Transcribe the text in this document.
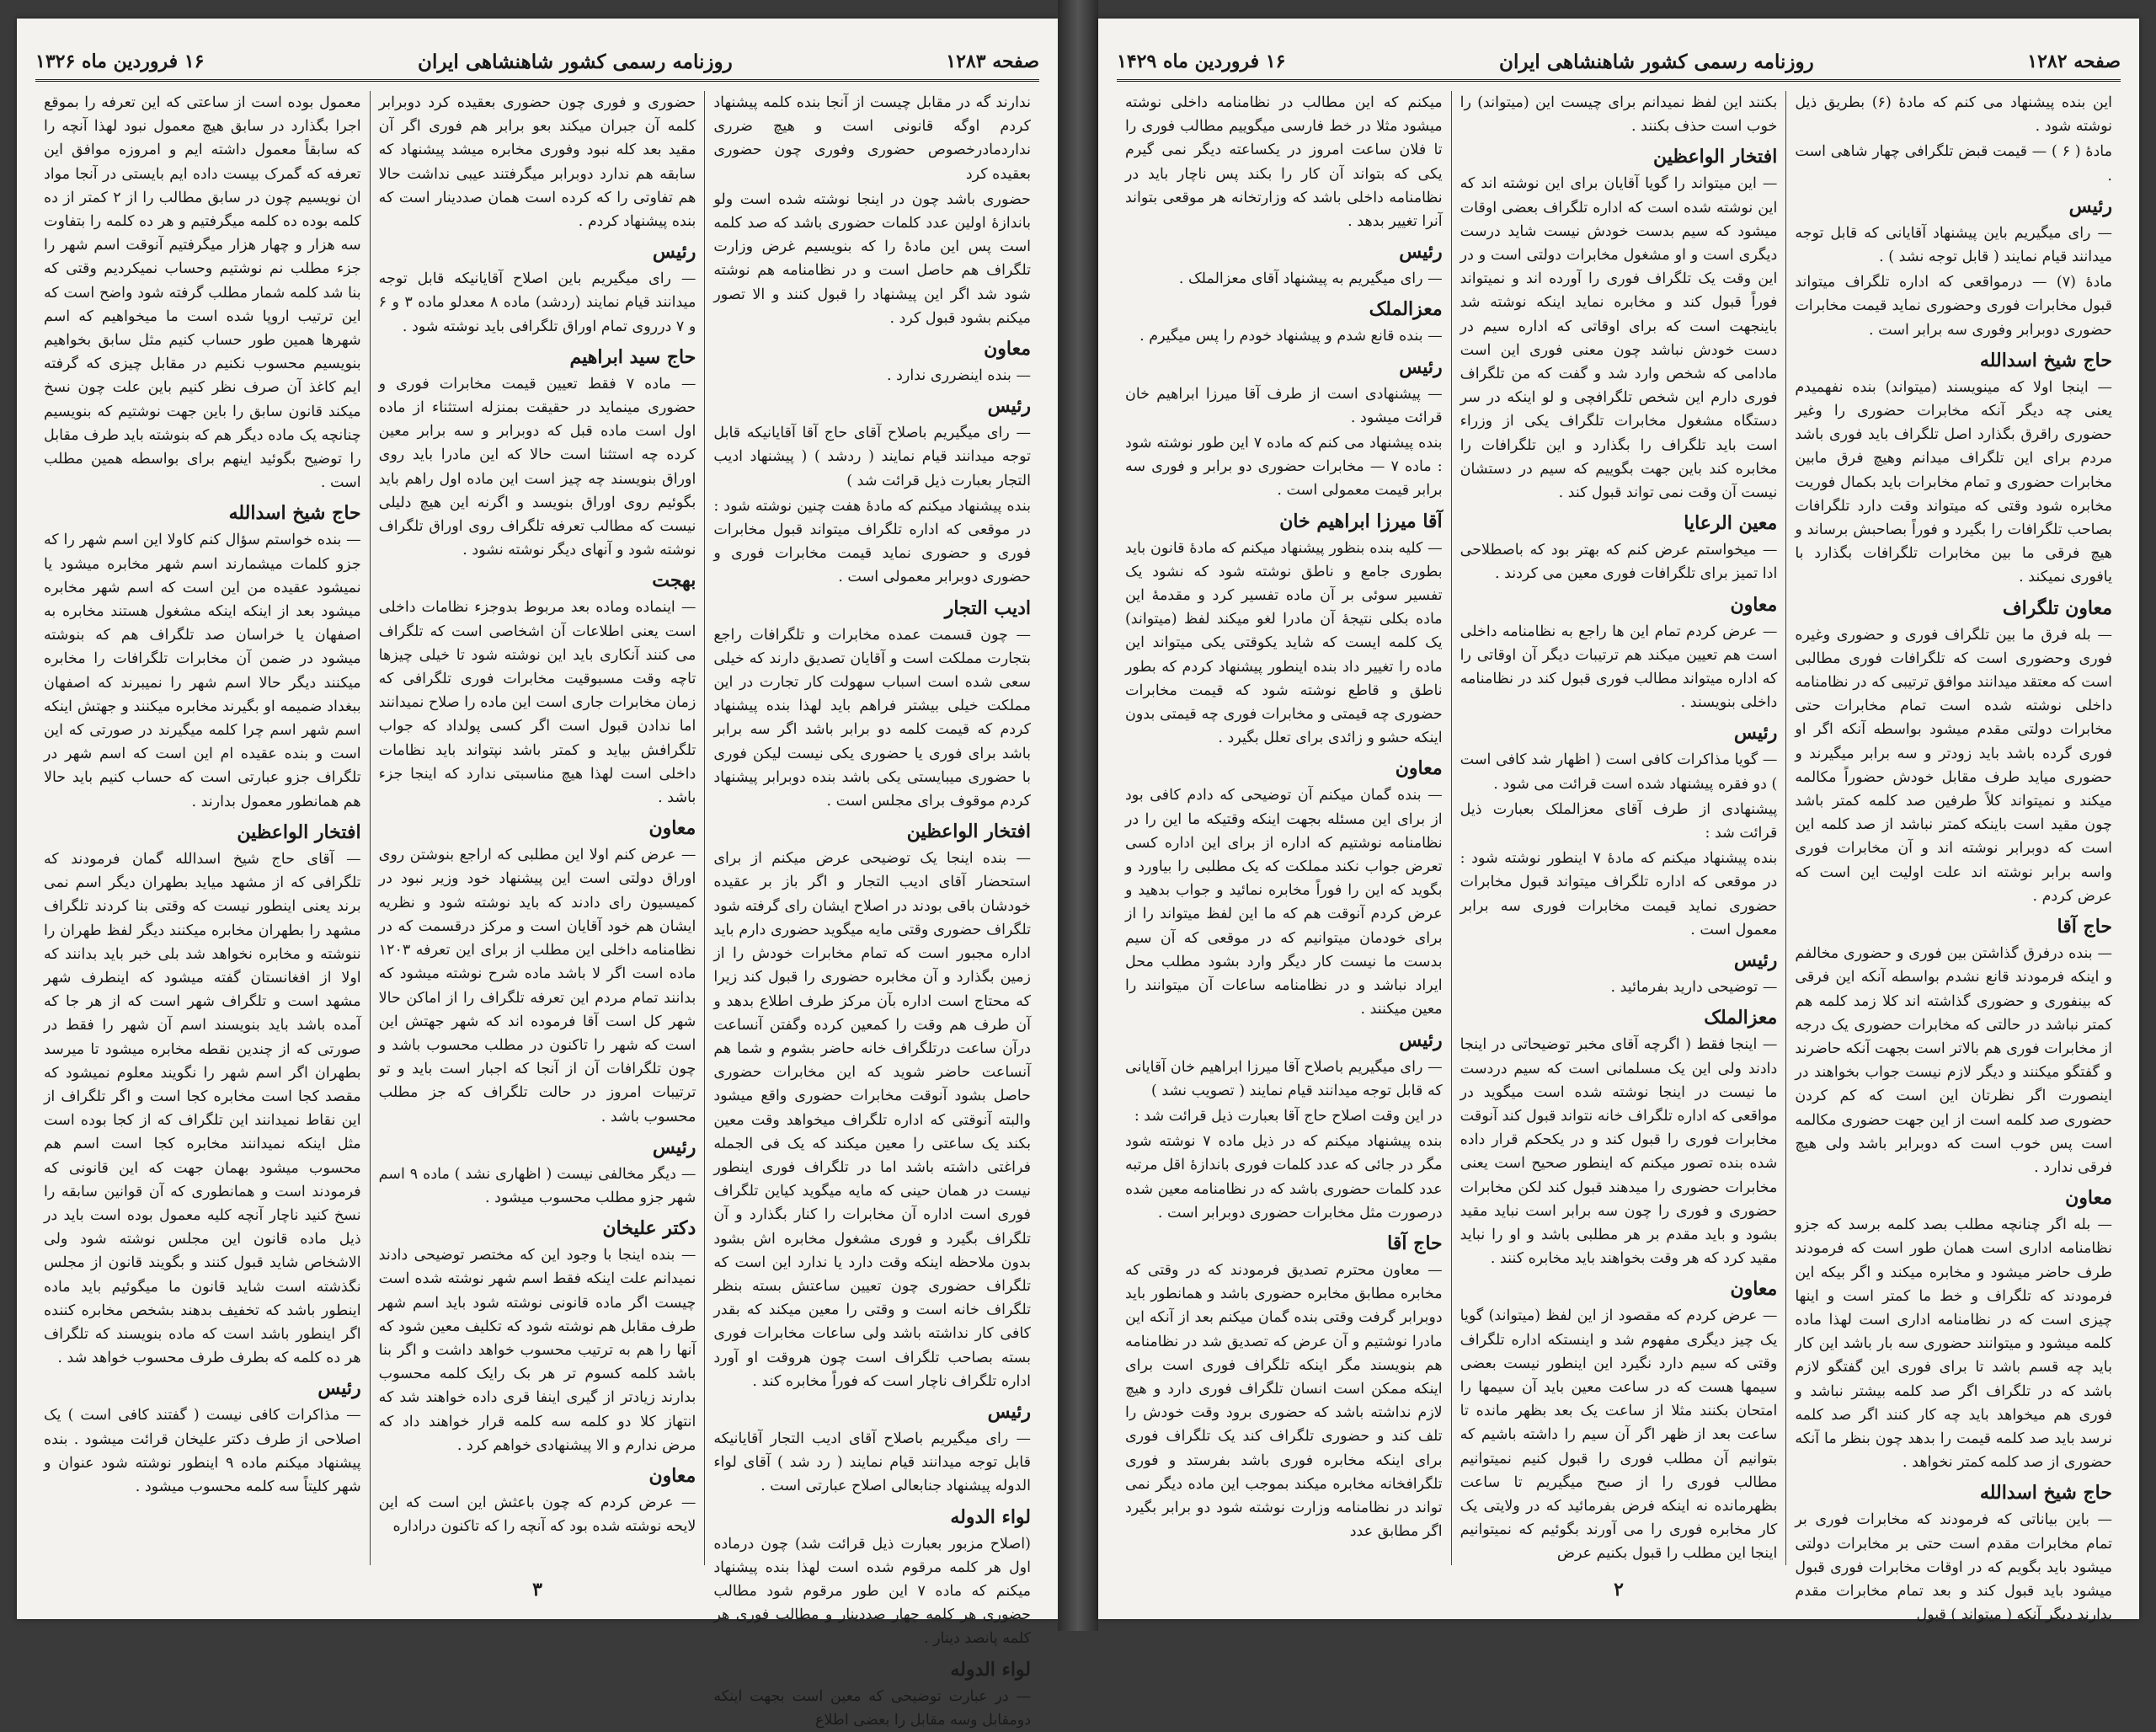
صفحه ۱۲۸۳
روزنامه رسمی کشور شاهنشاهی ایران
۱۶ فروردین ماه ۱۳۲۶

ندارند گه در مقابل چیست از آنجا بنده کلمه پیشنهاد کردم اوگه قانونی است و هیچ ضرری نداردمادرخصوص حضوری وفوری چون حضوری بعقیده کرد

حضوری باشد چون در اینجا نوشته شده است ولو باندازهٔ اولین عدد کلمات حضوری باشد که صد کلمه است پس این مادهٔ را که بنویسیم غرض وزارت تلگراف هم حاصل است و در نظامنامه هم نوشته شود شد اگر این پیشنهاد را قبول کنند و الا تصور میکنم بشود قبول کرد .

معاون

— بنده اینضرری ندارد .

رئیس

— رای میگیریم باصلاح آقای حاج آقا آقایانیکه قابل توجه میدانند قیام نمایند ( ردشد ) ( پیشنهاد ادیب التجار بعبارت ذیل قرائت شد )

بنده پیشنهاد میکنم که مادهٔ هفت چنین نوشته شود : در موقعی که اداره تلگراف میتواند قبول مخابرات فوری و حضوری نماید قیمت مخابرات فوری و حضوری دوبرابر معمولی است .

ادیب التجار

— چون قسمت عمده مخابرات و تلگرافات راجع بتجارت مملکت است و آقایان تصدیق دارند که خیلی سعی شده است اسباب سهولت کار تجارت در این مملکت خیلی بیشتر فراهم باید لهذا بنده پیشنهاد کردم که قیمت کلمه دو برابر باشد اگر سه برابر باشد برای فوری یا حضوری یکی نیست لیکن فوری با حضوری میبایستی یکی باشد بنده دوبرابر پیشنهاد کردم موقوف برای مجلس است .

افتخار الواعظین

— بنده اینجا یک توضیحی عرض میکنم از برای استحضار آقای ادیب التجار و اگر باز بر عقیده خودشان باقی بودند در اصلاح ایشان رای گرفته شود تلگراف حضوری وقتی مایه میگوید حضوری دارم باید اداره مجبور است که تمام مخابرات خودش را از زمین بگذارد و آن مخابره حضوری را قبول کند زیرا که محتاج است اداره بآن مرکز طرف اطلاع بدهد و آن طرف هم وقت را کمعین کرده وگفتن آنساعت درآن ساعت درتلگراف خانه حاضر بشوم و شما هم آنساعت حاضر شوید که این مخابرات حضوری حاصل بشود آنوقت مخابرات حضوری واقع میشود والبته آنوقتی که اداره تلگراف میخواهد وقت معین بکند یک ساعتی را معین میکند که یک فی الجمله فراغتی داشته باشد اما در تلگراف فوری اینطور نیست در همان حینی که مایه میگوید کیاین تلگراف فوری است اداره آن مخابرات را کنار بگذارد و آن تلگراف بگیرد و فوری مشغول مخابره اش بشود بدون ملاحظه اینکه وقت دارد یا ندارد این است که تلگراف حضوری چون تعیین ساعتش بسته بنظر تلگراف خانه است و وقتی را معین میکند که بقدر کافی کار نداشته باشد ولی ساعات مخابرات فوری بسته بصاحب تلگراف است چون هروقت او آورد اداره تلگراف ناچار است که فوراً مخابره کند .

رئیس

— رای میگیریم باصلاح آقای ادیب التجار آقایانیکه قابل توجه میدانند قیام نمایند ( رد شد ) آقای لواء الدوله پیشنهاد جنابعالی اصلاح عبارتی است .

لواء الدوله

(اصلاح مزبور بعبارت ذیل قرائت شد) چون درماده اول هر کلمه مرقوم شده است لهذا بنده پیشنهاد میکنم که ماده ۷ این طور مرقوم شود مطالب حضوری هر کلمه چهار صددینار و مطالب فوری هر کلمه پانصد دینار .

لواء الدوله

— در عبارت توضیحی که معین است بجهت اینکه دومقابل وسه مقابل را بعضی اطلاع

حضوری و فوری چون حضوری بعقیده کرد دوبرابر کلمه آن جبران میکند بعو برابر هم فوری اگر آن مقید بعد کله نبود وفوری مخابره میشد پیشنهاد که سابقه هم ندارد دوبرابر میگرفتند عیبی نداشت حالا هم تفاوتی را که کرده است همان صددینار است که بنده پیشنهاد کردم .

رئیس

— رای میگیریم باین اصلاح آقایانیکه قابل توجه میدانند قیام نمایند (ردشد) ماده ۸ معدلو ماده ۳ و ۶ و ۷ درروی تمام اوراق تلگرافی باید نوشته شود .

حاج سید ابراهیم

— ماده ۷ فقط تعیین قیمت مخابرات فوری و حضوری مینماید در حقیقت بمنزله استثناء از ماده اول است ماده قبل که دوبرابر و سه برابر معین کرده چه استثنا است حالا که این مادرا باید روی اوراق بنویسند چه چیز است این ماده اول راهم باید بگوئیم روی اوراق بنویسد و اگرنه این هیچ دلیلی نیست که مطالب تعرفه تلگراف روی اوراق تلگراف نوشته شود و آنهای دیگر نوشته نشود .

بهجت

— اینماده وماده بعد مربوط بدوجزء نظامات داخلی است یعنی اطلاعات آن اشخاصی است که تلگراف می کنند آنکاری باید این نوشته شود تا خیلی چیزها تاچه وقت مسبوقیت مخابرات فوری تلگرافی که زمان مخابرات جاری است این ماده را صلاح نمیدانند اما ندادن قبول است اگر کسی پولداد که جواب تلگرافش بیاید و کمتر باشد نپتواند باید نظامات داخلی است لهذا هیچ مناسبتی ندارد که اینجا جزء باشد .

معاون

— عرض کنم اولا این مطلبی که اراجع بنوشتن روی اوراق دولتی است این پیشنهاد خود وزیر نبود در کمیسیون رای دادند که باید نوشته شود و نظریه ایشان هم خود آقایان است و مرکز درقسمت که در نظامنامه داخلی این مطلب از برای این تعرفه ۱۲۰۳ ماده است اگر لا باشد ماده شرح نوشته میشود که بدانند تمام مردم این تعرفه تلگراف را از اماکن حالا شهر کل است آقا فرموده اند که شهر جهتش این است که شهر را تاکنون در مطلب محسوب باشد و چون تلگرافات آن از آنجا که اجبار است باید و تو ترتیبات امروز در حالت تلگراف که جز مطلب محسوب باشد .

رئیس

— دیگر مخالفی نیست ( اظهاری نشد ) ماده ۹ اسم شهر جزو مطلب محسوب میشود .

دکتر علیخان

— بنده اینجا با وجود این که مختصر توضیحی دادند نمیدانم علت اینکه فقط اسم شهر نوشته شده است چیست اگر ماده قانونی نوشته شود باید اسم شهر طرف مقابل هم نوشته شود که تکلیف معین شود که آنها را هم به ترتیب محسوب خواهد داشت و اگر بنا باشد کلمه کسوم تر هر بک رایک کلمه محسوب بدارند زیادتر از گیری اینفا قری داده خواهند شد که انتهاز کلا دو کلمه سه کلمه قرار خواهند داد که مرض ندارم و الا پیشنهادی خواهم کرد .

معاون

— عرض کردم که چون باعثش این است که این لایحه نوشته شده بود که آنچه را که تاکنون دراداره

معمول بوده است از ساعتی که این تعرفه را بموقع اجرا بگذارد در سابق هیچ معمول نبود لهذا آنچه را که سابقاً معمول داشته ایم و امروزه موافق این تعرفه که گمرک بیست داده ایم بایستی در آنجا مواد ان نویسیم چون در سابق مطالب را از ۲ کمتر از ده کلمه بوده ده کلمه میگرفتیم و هر ده کلمه را بتفاوت سه هزار و چهار هزار میگرفتیم آنوقت اسم شهر را جزء مطلب نم نوشتیم وحساب نمیکردیم وقتی که بنا شد کلمه شمار مطلب گرفته شود واضح است که این ترتیب اروپا شده است ما میخواهیم که اسم شهرها همین طور حساب کنیم مثل سابق بخواهیم بنویسیم محسوب نکنیم در مقابل چیزی که گرفته ایم کاغذ آن صرف نظر کنیم باین علت چون نسخ میکند قانون سابق را باین جهت نوشتیم که بنویسیم چنانچه یک ماده دیگر هم که بنوشته باید طرف مقابل را توضیح بگوئید اینهم برای بواسطه همین مطلب است .

حاج شیخ اسدالله

— بنده خواستم سؤال کنم کاولا این اسم شهر را که جزو کلمات میشمارند اسم شهر مخابره میشود یا نمیشود عقیده من این است که اسم شهر مخابره میشود بعد از اینکه اینکه مشغول هستند مخابره به اصفهان یا خراسان صد تلگراف هم که بنوشته میشود در ضمن آن مخابرات تلگرافات را مخابره میکنند دیگر حالا اسم شهر را نمیبرند که اصفهان ببغداد ضمیمه او بگیرند مخابره میکنند و جهتش اینکه اسم شهر اسم چرا کلمه میگیرند در صورتی که این است و بنده عقیده ام این است که اسم شهر در تلگراف جزو عبارتی است که حساب کنیم باید حالا هم همانطور معمول بدارند .

افتخار الواعظین

— آقای حاج شیخ اسدالله گمان فرمودند که تلگرافی که از مشهد میاید بطهران دیگر اسم نمی برند یعنی اینطور نیست که وقتی بنا کردند تلگراف مشهد را بطهران مخابره میکنند دیگر لفظ طهران را ننوشته و مخابره نخواهد شد بلی خبر باید بدانند که اولا از افغانستان گفته میشود که اینطرف شهر مشهد است و تلگراف شهر است که از هر جا که آمده باشد باید بنویسند اسم آن شهر را فقط در صورتی که از چندین نقطه مخابره میشود تا میرسد بطهران اگر اسم شهر را نگویند معلوم نمیشود که مقصد کجا است مخابره کجا است و اگر تلگراف از این نقاط نمیدانند این تلگراف که از کجا بوده است مثل اینکه نمیدانند مخابره کجا است اسم هم محسوب میشود بهمان جهت که این قانونی که فرمودند است و همانطوری که آن قوانین سابقه را نسخ کنید ناچار آنچه کلیه معمول بوده است باید در ذیل ماده قانون این مجلس نوشته شود ولی الاشخاص شاید قبول کنند و بگویند قانون از مجلس نگذشته است شاید قانون ما میگوئیم باید ماده اینطور باشد که تخفیف بدهند بشخص مخابره کننده اگر اینطور باشد است که ماده بنویسند که تلگراف هر ده کلمه که بطرف طرف محسوب خواهد شد .

رئیس

— مذاکرات کافی نیست ( گفتند کافی است ) یک اصلاحی از طرف دکتر علیخان قرائت میشود . بنده پیشنهاد میکنم ماده ۹ اینطور نوشته شود عنوان و شهر کلیتاً سه کلمه محسوب میشود .

۳
صفحه ۱۲۸۲
روزنامه رسمی کشور شاهنشاهی ایران
۱۶ فروردین ماه ۱۴۲۹

این بنده پیشنهاد می کنم که مادهٔ (۶) بطریق ذیل نوشته شود .

مادهٔ ( ۶ ) — قیمت قبض تلگرافی چهار شاهی است .

رئیس

— رای میگیریم باین پیشنهاد آقایانی که قابل توجه میدانند قیام نمایند ( قابل توجه نشد ) .

مادهٔ (۷) — درمواقعی که اداره تلگراف میتواند قبول مخابرات فوری وحضوری نماید قیمت مخابرات حضوری دوبرابر وفوری سه برابر است .

حاج شیخ اسدالله

— اینجا اولا که مینویسند (میتواند) بنده نفهمیدم یعنی چه دیگر آنکه مخابرات حضوری را وغیر حضوری راقرق بگذارد اصل تلگراف باید فوری باشد مردم برای این تلگراف میدانم وهیچ فرق مابین مخابرات حضوری و تمام مخابرات باید بکمال فوریت مخابره شود وقتی که میتواند وقت دارد تلگرافات بصاحب تلگرافات را بگیرد و فوراً بصاحبش برساند و هیچ فرقی ما بین مخابرات تلگرافات بگذارد با یافوری نمیکند .

معاون تلگراف

— بله فرق ما بین تلگراف فوری و حضوری وغیره فوری وحضوری است که تلگرافات فوری مطالبی است که معتقد میدانند موافق ترتیبی که در نظامنامه داخلی نوشته شده است تمام مخابرات حتی مخابرات دولتی مقدم میشود بواسطه آنکه اگر او فوری گرده باشد باید زودتر و سه برابر میگیرند و حضوری میاید طرف مقابل خودش حضوراً مکالمه میکند و نمیتواند کلاً طرفین صد کلمه کمتر باشد چون مقید است باینکه کمتر نباشد از صد کلمه این است که دوبرابر نوشته اند و آن مخابرات فوری واسه برابر نوشته اند علت اولیت این است که عرض کردم .

حاج آقا

— بنده درفرق گذاشتن بین فوری و حضوری مخالفم و اینکه فرمودند قانع نشدم بواسطه آنکه این فرقی که بینفوری و حضوری گذاشته اند کلا زمد کلمه هم کمتر نباشد در حالتی که مخابرات حضوری یک درجه از مخابرات فوری هم بالاتر است بجهت آنکه حاضرند و گفتگو میکنند و دیگر لازم نیست جواب بخواهند در اینصورت اگر نظرتان این است که کم کردن حضوری صد کلمه است از این جهت حضوری مکالمه است پس خوب است که دوبرابر باشد ولی هیچ فرقی ندارد .

معاون

— بله اگر چنانچه مطلب بصد کلمه برسد که جزو نظامنامه اداری است همان طور است که فرمودند طرف حاضر میشود و مخابره میکند و اگر بیکه این فرمودند که تلگراف و خط ما کمتر است و اینها چیزی است که در نظامنامه اداری است لهذا ماده کلمه میشود و میتوانند حضوری سه بار باشد این کار باید چه قسم باشد تا برای فوری این گفتگو لازم باشد که در تلگراف اگر صد کلمه بیشتر نباشد و فوری هم میخواهد باید چه کار کنند اگر صد کلمه نرسد باید صد کلمه قیمت را بدهد چون بنظر ما آنکه حضوری از صد کلمه کمتر نخواهد .

حاج شیخ اسدالله

— باین بیاناتی که فرمودند که مخابرات فوری بر تمام مخابرات مقدم است حتی بر مخابرات دولتی میشود باید بگویم که در اوقات مخابرات فوری قبول میشود باید قبول کند و بعد تمام مخابرات مقدم بدارند دیگر آنکه ( میتواند ) قبول

بکنند این لفظ نمیدانم برای چیست این (میتواند) را خوب است حذف بکنند .

افتخار الواعظین

— این میتواند را گویا آقایان برای این نوشته اند که این نوشته شده است که اداره تلگراف بعضی اوقات میشود که سیم بدست خودش نیست شاید درست دیگری است و او مشغول مخابرات دولتی است و در این وقت یک تلگراف فوری را آورده اند و نمیتواند فوراً قبول کند و مخابره نماید اینکه نوشته شد باینجهت است که برای اوقاتی که اداره سیم در دست خودش نباشد چون معنی فوری این است مادامی که شخص وارد شد و گفت که من تلگراف فوری دارم این شخص تلگرافچی و لو اینکه در سر دستگاه مشغول مخابرات تلگراف یکی از وزراء است باید تلگراف را بگذارد و این تلگرافات را مخابره کند باین جهت بگوییم که سیم در دستشان نیست آن وقت نمی تواند قبول کند .

معین الرعایا

— میخواستم عرض کنم که بهتر بود که باصطلاحی ادا تمیز برای تلگرافات فوری معین می کردند .

معاون

— عرض کردم تمام این ها راجع به نظامنامه داخلی است هم تعیین میکند هم ترتیبات دیگر آن اوقاتی را که اداره میتواند مطالب فوری قبول کند در نظامنامه داخلی بنویسند .

رئیس

— گویا مذاکرات کافی است ( اظهار شد کافی است ) دو فقره پیشنهاد شده است قرائت می شود .

پیشنهادی از طرف آقای معزالملک بعبارت ذیل قرائت شد :

بنده پیشنهاد میکنم که مادهٔ ۷ اینطور نوشته شود : در موقعی که اداره تلگراف میتواند قبول مخابرات حضوری نماید قیمت مخابرات فوری سه برابر معمول است .

رئیس

— توضیحی دارید بفرمائید .

معزالملک

— اینجا فقط ( اگرچه آقای مخبر توضیحاتی در اینجا دادند ولی این یک مسلمانی است که سیم دردست ما نیست در اینجا نوشته شده است میگوید در مواقعی که اداره تلگراف خانه نتواند قبول کند آنوقت مخابرات فوری را قبول کند و در یکحکم قرار داده شده بنده تصور میکنم که اینطور صحیح است یعنی مخابرات حضوری را میدهند قبول کند لکن مخابرات حضوری و فوری را چون سه برابر است نباید مقید بشود و باید مقدم بر هر مطلبی باشد و او را نباید مقید کرد که هر وقت بخواهند باید مخابره کنند .

معاون

— عرض کردم که مقصود از این لفظ (میتواند) گویا یک چیز دیگری مفهوم شد و اینستکه اداره تلگراف وقتی که سیم دارد نگیرد این اینطور نیست بعضی سیمها هست که در ساعت معین باید آن سیمها را امتحان بکنند مثلا از ساعت یک بعد بظهر مانده تا ساعت بعد از ظهر اگر آن سیم را داشته باشیم که بتوانیم آن مطلب فوری را قبول کنیم نمیتوانیم مطالب فوری را از صبح میگیریم تا ساعت بظهرمانده نه اینکه فرض بفرمائید که در ولایتی یک کار مخابره فوری را می آورند بگوئیم که نمیتوانیم اینجا این مطلب را قبول بکنیم عرض

میکنم که این مطالب در نظامنامه داخلی نوشته میشود مثلا در خط فارسی میگوییم مطالب فوری را تا فلان ساعت امروز در یکساعته دیگر نمی گیرم یکی که بتواند آن کار را بکند پس ناچار باید در نظامنامه داخلی باشد که وزارتخانه هر موقعی بتواند آنرا تغییر بدهد .

رئیس

— رای میگیریم به پیشنهاد آقای معزالملک .

معزالملک

— بنده قانع شدم و پیشنهاد خودم را پس میگیرم .

رئیس

— پیشنهادی است از طرف آقا میرزا ابراهیم خان قرائت میشود .

بنده پیشنهاد می کنم که ماده ۷ این طور نوشته شود : ماده ۷ — مخابرات حضوری دو برابر و فوری سه برابر قیمت معمولی است .

آقا میرزا ابراهیم خان

— کلیه بنده بنظور پیشنهاد میکنم که مادهٔ قانون باید بطوری جامع و ناطق نوشته شود که نشود یک تفسیر سوئی بر آن ماده تفسیر کرد و مقدمهٔ این ماده بکلی نتیجهٔ آن مادرا لغو میکند لفظ (میتواند) یک کلمه ایست که شاید یکوقتی یکی میتواند این ماده را تغییر داد بنده اینطور پیشنهاد کردم که بطور ناطق و قاطع نوشته شود که قیمت مخابرات حضوری چه قیمتی و مخابرات فوری چه قیمتی بدون اینکه حشو و زائدی برای تعلل بگیرد .

معاون

— بنده گمان میکنم آن توضیحی که دادم کافی بود از برای این مسئله بجهت اینکه وقتیکه ما این را در نظامنامه نوشتیم که اداره از برای این اداره کسی تعرض جواب نکند مملکت که یک مطلبی را بیاورد و بگوید که این را فوراً مخابره نمائید و جواب بدهید و عرض کردم آنوقت هم که ما این لفظ میتواند را از برای خودمان میتوانیم که در موقعی که آن سیم بدست ما نیست کار دیگر وارد بشود مطلب محل ایراد نباشد و در نظامنامه ساعات آن میتوانند را معین میکنند .

رئیس

— رای میگیریم باصلاح آقا میرزا ابراهیم خان آقایانی که قابل توجه میدانند قیام نمایند ( تصویب نشد )

در این وقت اصلاح حاج آقا بعبارت ذیل قرائت شد :

بنده پیشنهاد میکنم که در ذیل ماده ۷ نوشته شود مگر در جائی که عدد کلمات فوری باندازهٔ اقل مرتبه عدد کلمات حضوری باشد که در نظامنامه معین شده درصورت مثل مخابرات حضوری دوبرابر است .

حاج آقا

— معاون محترم تصدیق فرمودند که در وقتی که مخابره مطابق مخابره حضوری باشد و همانطور باید دوبرابر گرفت وقتی بنده گمان میکنم بعد از آنکه این مادرا نوشتیم و آن عرض که تصدیق شد در نظامنامه هم بنویسند مگر اینکه تلگراف فوری است برای اینکه ممکن است انسان تلگراف فوری دارد و هیچ لازم نداشته باشد که حضوری برود وقت خودش را تلف کند و حضوری تلگراف کند یک تلگراف فوری برای اینکه مخابره فوری باشد بفرستد و فوری تلگرافخانه مخابره میکند بموجب این ماده دیگر نمی تواند در نظامنامه وزارت نوشته شود دو برابر بگیرد اگر مطابق عدد

۲
